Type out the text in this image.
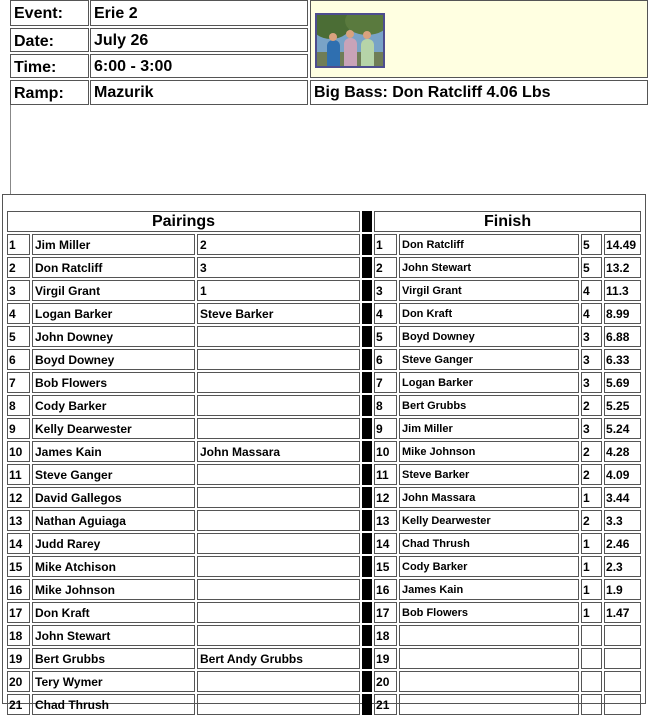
Event:	Erie 2
Date:	July 26
Time:	6:00 - 3:00
Ramp:	Mazurik	Big Bass: Don Ratcliff 4.06 Lbs
Pairings				Finish			
1	Jim Miller	2		1	Don Ratcliff	5	14.49
2	Don Ratcliff	3		2	John Stewart	5	13.2
3	Virgil Grant	1		3	Virgil Grant	4	11.3
4	Logan Barker	Steve Barker		4	Don Kraft	4	8.99
5	John Downey			5	Boyd Downey	3	6.88
6	Boyd Downey			6	Steve Ganger	3	6.33
7	Bob Flowers			7	Logan Barker	3	5.69
8	Cody Barker			8	Bert Grubbs	2	5.25
9	Kelly Dearwester			9	Jim Miller	3	5.24
10	James Kain	John Massara		10	Mike Johnson	2	4.28
11	Steve Ganger			11	Steve Barker	2	4.09
12	David Gallegos			12	John Massara	1	3.44
13	Nathan Aguiaga			13	Kelly Dearwester	2	3.3
14	Judd Rarey			14	Chad Thrush	1	2.46
15	Mike Atchison			15	Cody Barker	1	2.3
16	Mike Johnson			16	James Kain	1	1.9
17	Don Kraft			17	Bob Flowers	1	1.47
18	John Stewart			18			
19	Bert Grubbs	Bert Andy Grubbs		19			
20	Tery Wymer			20			
21	Chad Thrush			21			
